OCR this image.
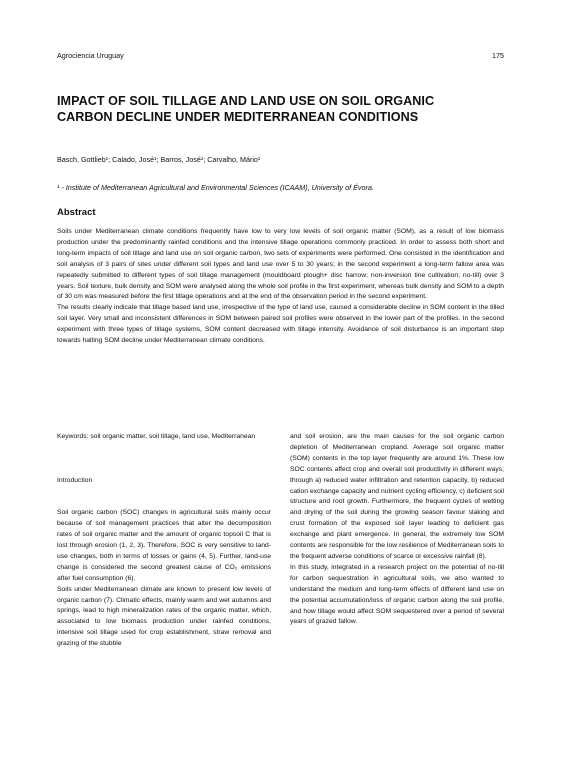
Agrociencia Uruguay	175
IMPACT OF SOIL TILLAGE AND LAND USE ON SOIL ORGANIC
CARBON DECLINE UNDER MEDITERRANEAN CONDITIONS
Basch, Gottlieb¹; Calado, José¹; Barros, José¹; Carvalho, Mário¹
¹ - Institute of Mediterranean Agricultural and Environmental Sciences (ICAAM), University of Évora.
Abstract

Soils under Mediterranean climate conditions frequently have low to very low levels of soil organic matter (SOM), as a result of low biomass production under the predominantly rainfed conditions and the intensive tillage operations commonly practiced. In order to assess both short and long-term impacts of soil tillage and land use on soil organic carbon, two sets of experiments were performed. One consisted in the identification and soil analysis of 3 pairs of sites under different soil types and land use over 5 to 30 years; in the second experiment a long-term fallow area was repeatedly submitted to different types of soil tillage management (mouldboard plough+ disc harrow; non-inversion tine cultivation; no-till) over 3 years. Soil texture, bulk density and SOM were analysed along the whole soil profile in the first experiment, whereas bulk density and SOM to a depth of 30 cm was measured before the first tillage operations and at the end of the observation period in the second experiment.

The results clearly indicate that tillage based land use, irrespective of the type of land use, caused a considerable decline in SOM content in the tilled soil layer. Very small and inconsistent differences in SOM between paired soil profiles were observed in the lower part of the profiles. In the second experiment with three types of tillage systems, SOM content decreased with tillage intensity. Avoidance of soil disturbance is an important step towards halting SOM decline under Mediterranean climate conditions.

Keywords: soil organic matter, soil tillage, land use, Mediterranean

Introduction

Soil organic carbon (SOC) changes in agricultural soils mainly occur because of soil management practices that alter the decomposition rates of soil organic matter and the amount of organic topsoil C that is lost through erosion (1, 2, 3). Therefore, SOC is very sensitive to land-use changes, both in terms of losses or gains (4, 5). Further, land-use change is considered the second greatest cause of CO₂ emissions after fuel consumption (6).

Soils under Mediterranean climate are known to present low levels of organic carbon (7). Climatic effects, mainly warm and wet autumns and springs, lead to high mineralization rates of the organic matter, which, associated to low biomass production under rainfed conditions, intensive soil tillage used for crop establishment, straw removal and grazing of the stubble

and soil erosion, are the main causes for the soil organic carbon depletion of Mediterranean cropland. Average soil organic matter (SOM) contents in the top layer frequently are around 1%. These low SOC contents affect crop and overall soil productivity in different ways; through a) reduced water infiltration and retention capacity, b) reduced cation exchange capacity and nutrient cycling efficiency, c) deficient soil structure and root growth. Furthermore, the frequent cycles of wetting and drying of the soil during the growing season favour slaking and crust formation of the exposed soil layer leading to deficient gas exchange and plant emergence. In general, the extremely low SOM contents are responsible for the low resilience of Mediterranean soils to the frequent adverse conditions of scarce or excessive rainfall (8).

In this study, integrated in a research project on the potential of no-till for carbon sequestration in agricultural soils, we also wanted to understand the medium and long-term effects of different land use on the potential accumulation/loss of organic carbon along the soil profile, and how tillage would affect SOM sequestered over a period of several years of grazed fallow.
